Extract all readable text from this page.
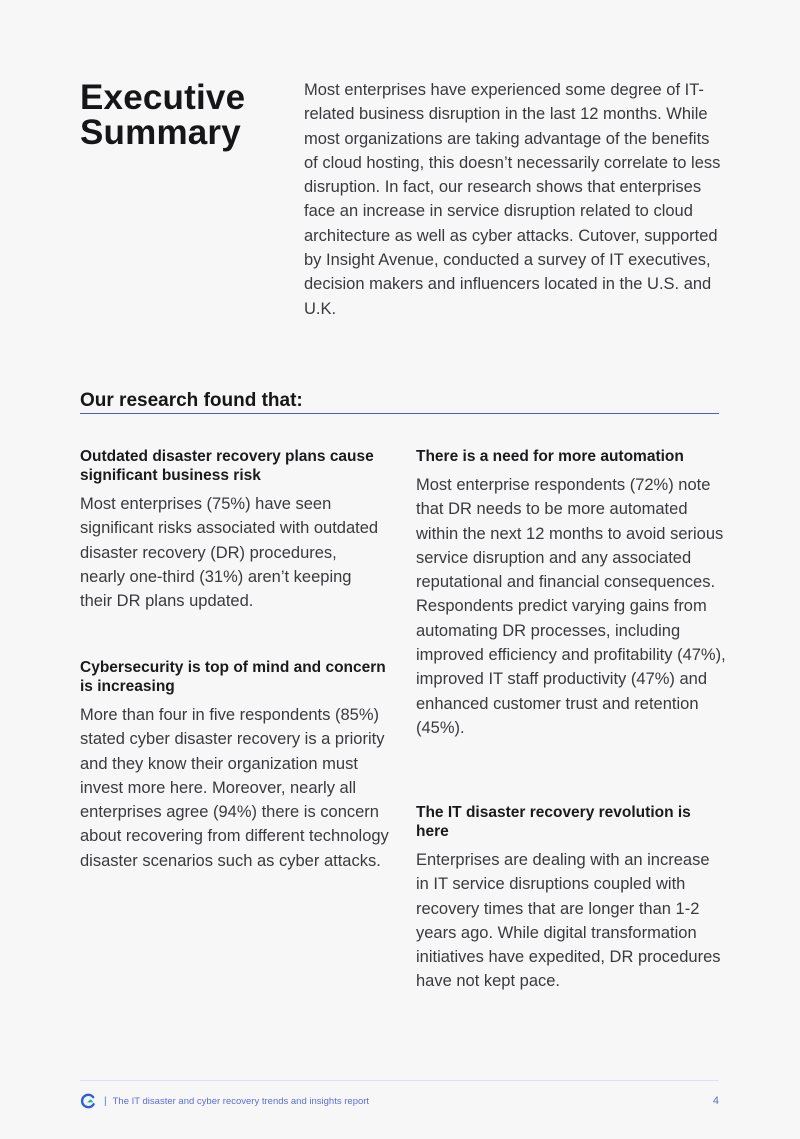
Executive Summary

Most enterprises have experienced some degree of IT-related business disruption in the last 12 months. While most organizations are taking advantage of the benefits of cloud hosting, this doesn’t necessarily correlate to less disruption. In fact, our research shows that enterprises face an increase in service disruption related to cloud architecture as well as cyber attacks. Cutover, supported by Insight Avenue, conducted a survey of IT executives, decision makers and influencers located in the U.S. and U.K.

Our research found that:
Outdated disaster recovery plans cause significant business risk

Most enterprises (75%) have seen significant risks associated with outdated disaster recovery (DR) procedures, nearly one-third (31%) aren’t keeping their DR plans updated.

Cybersecurity is top of mind and concern is increasing

More than four in five respondents (85%) stated cyber disaster recovery is a priority and they know their organization must invest more here. Moreover, nearly all enterprises agree (94%) there is concern about recovering from different technology disaster scenarios such as cyber attacks.

There is a need for more automation

Most enterprise respondents (72%) note that DR needs to be more automated within the next 12 months to avoid serious service disruption and any associated reputational and financial consequences. Respondents predict varying gains from automating DR processes, including improved efficiency and profitability (47%), improved IT staff productivity (47%) and enhanced customer trust and retention (45%).

The IT disaster recovery revolution is here

Enterprises are dealing with an increase in IT service disruptions coupled with recovery times that are longer than 1-2 years ago. While digital transformation initiatives have expedited, DR procedures have not kept pace.

| The IT disaster and cyber recovery trends and insights report	4
